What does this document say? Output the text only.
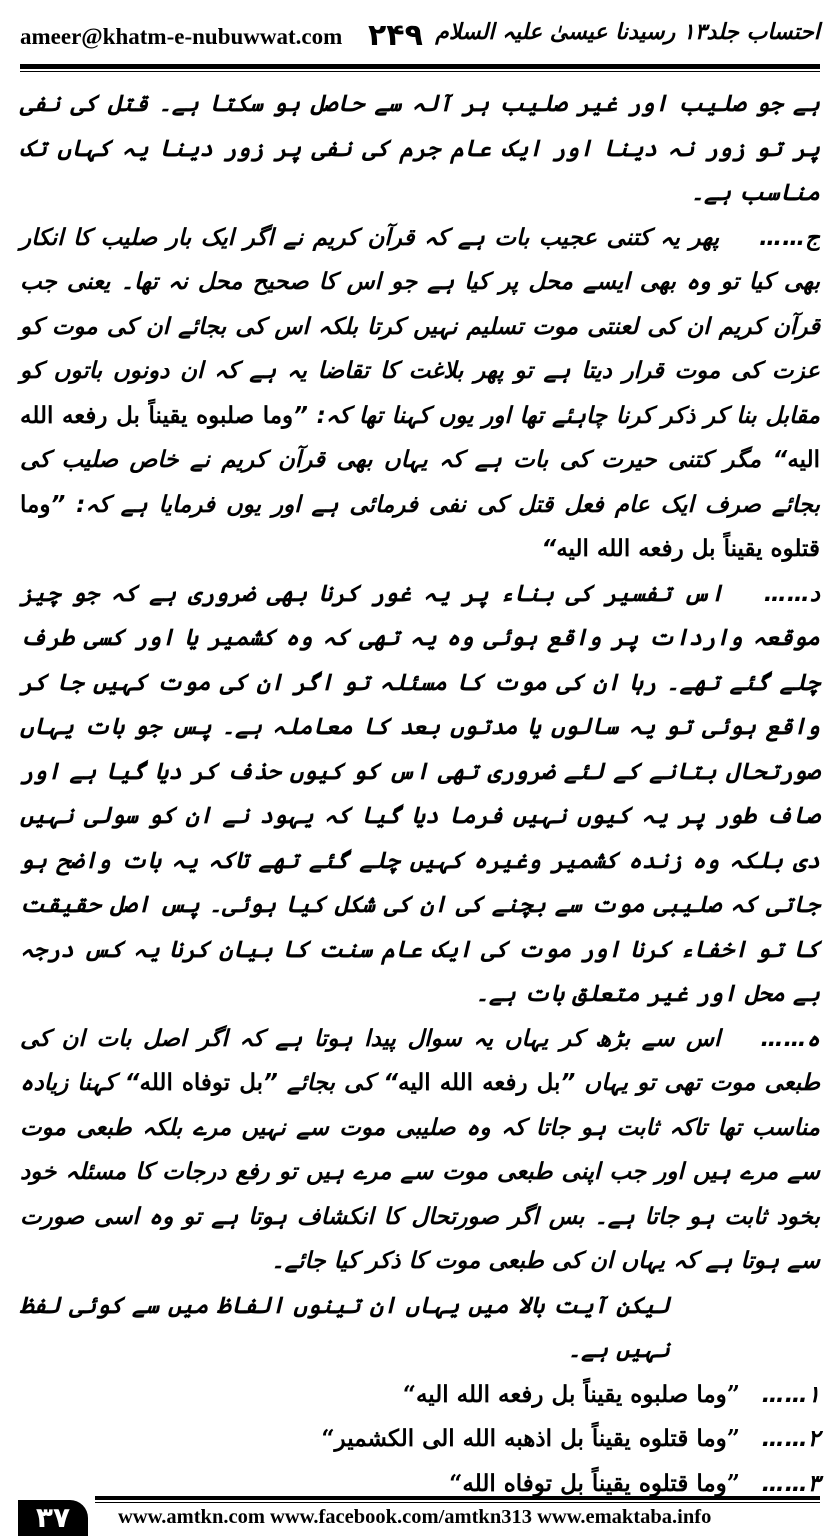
ameer@khatm-e-nubuwwat.com ۲۴۹ احتساب جلد۱۳ رسیدنا عیسیٰ علیہ السلام

ہے جو صلیب اور غیر صلیب ہر آلہ سے حاصل ہو سکتا ہے۔ قتل کی نفی پر تو زور نہ دینا اور ایک عام جرم کی نفی پر زور دینا یہ کہاں تک مناسب ہے۔

ج……پھر یہ کتنی عجیب بات ہے کہ قرآن کریم نے اگر ایک بار صلیب کا انکار بھی کیا تو وہ بھی ایسے محل پر کیا ہے جو اس کا صحیح محل نہ تھا۔ یعنی جب قرآن کریم ان کی لعنتی موت تسلیم نہیں کرتا بلکہ اس کی بجائے ان کی موت کو عزت کی موت قرار دیتا ہے تو پھر بلاغت کا تقاضا یہ ہے کہ ان دونوں باتوں کو مقابل بنا کر ذکر کرنا چاہئے تھا اور یوں کہنا تھا کہ: ”وما صلبوه یقیناً بل رفعه الله الیه“ مگر کتنی حیرت کی بات ہے کہ یہاں بھی قرآن کریم نے خاص صلیب کی بجائے صرف ایک عام فعل قتل کی نفی فرمائی ہے اور یوں فرمایا ہے کہ: ”وما قتلوه یقیناً بل رفعه الله الیه“

د……اس تفسیر کی بناء پر یہ غور کرنا بھی ضروری ہے کہ جو چیز موقعہ واردات پر واقع ہوئی وہ یہ تھی کہ وہ کشمیر یا اور کسی طرف چلے گئے تھے۔ رہا ان کی موت کا مسئلہ تو اگر ان کی موت کہیں جا کر واقع ہوئی تو یہ سالوں یا مدتوں بعد کا معاملہ ہے۔ پس جو بات یہاں صورتحال بتانے کے لئے ضروری تھی اس کو کیوں حذف کر دیا گیا ہے اور صاف طور پر یہ کیوں نہیں فرما دیا گیا کہ یہود نے ان کو سولی نہیں دی بلکہ وہ زندہ کشمیر وغیرہ کہیں چلے گئے تھے تاکہ یہ بات واضح ہو جاتی کہ صلیبی موت سے بچنے کی ان کی شکل کیا ہوئی۔ پس اصل حقیقت کا تو اخفاء کرنا اور موت کی ایک عام سنت کا بیان کرنا یہ کس درجہ بے محل اور غیر متعلق بات ہے۔

ہ……اس سے بڑھ کر یہاں یہ سوال پیدا ہوتا ہے کہ اگر اصل بات ان کی طبعی موت تھی تو یہاں ”بل رفعه الله الیه“ کی بجائے ”بل توفاه الله“ کہنا زیادہ مناسب تھا تاکہ ثابت ہو جاتا کہ وہ صلیبی موت سے نہیں مرے بلکہ طبعی موت سے مرے ہیں اور جب اپنی طبعی موت سے مرے ہیں تو رفع درجات کا مسئلہ خود بخود ثابت ہو جاتا ہے۔ بس اگر صورتحال کا انکشاف ہوتا ہے تو وہ اسی صورت سے ہوتا ہے کہ یہاں ان کی طبعی موت کا ذکر کیا جائے۔

لیکن آیت بالا میں یہاں ان تینوں الفاظ میں سے کوئی لفظ نہیں ہے۔

۱……”وما صلبوه یقیناً بل رفعه الله الیه“

۲……”وما قتلوه یقیناً بل اذهبه الله الی الکشمیر“

۳……”وما قتلوه یقیناً بل توفاه الله“

۳۷	www.amtkn.com www.facebook.com/amtkn313 www.emaktaba.info
